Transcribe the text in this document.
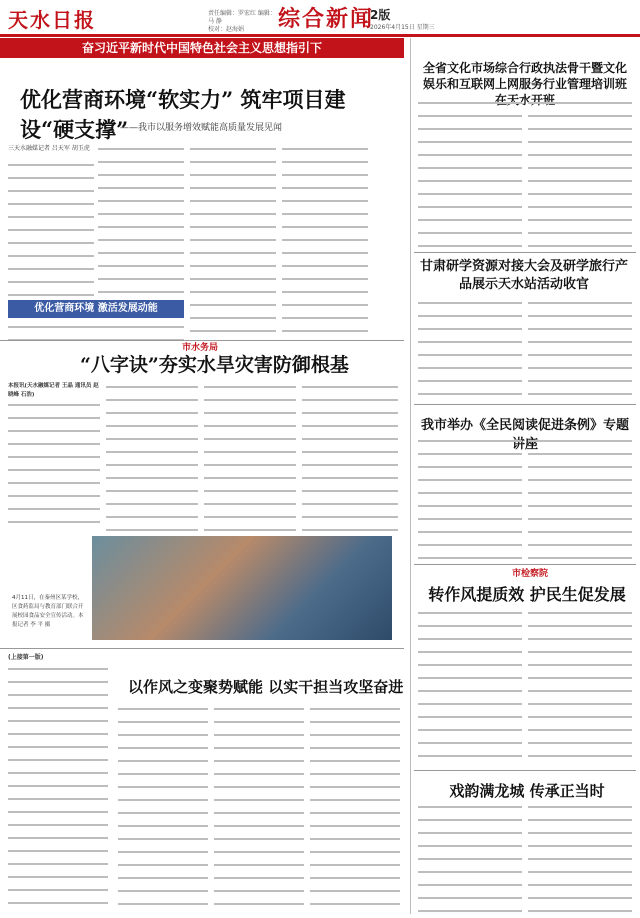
天水日报	责任编辑：罗宏红 编辑：马 静
校对：赵海娟	综合新闻
2版
2026年4月15日 星期三
奋习近平新时代中国特色社会主义思想指引下
优化营商环境“软实力” 筑牢项目建设“硬支撑”
——我市以服务增效赋能高质量发展见闻
三天水融媒记者 吕天军 胡玉虎
优化营商环境 激活发展动能
市水务局
“八字诀”夯实水旱灾害防御根基
本报讯(天水融媒记者 王晶 通讯员 赵晓峰 石浩)
4月11日，在秦州区某学校，区食药监局与教育部门联合开展校园食品安全宣传活动。本报记者 李 平 摄
(上接第一版)
以作风之变聚势赋能 以实干担当攻坚奋进
全省文化市场综合行政执法骨干暨文化娱乐和互联网上网服务行业管理培训班在天水开班
甘肃研学资源对接大会及研学旅行产品展示天水站活动收官
我市举办《全民阅读促进条例》专题讲座
市检察院
转作风提质效 护民生促发展
戏韵满龙城 传承正当时
